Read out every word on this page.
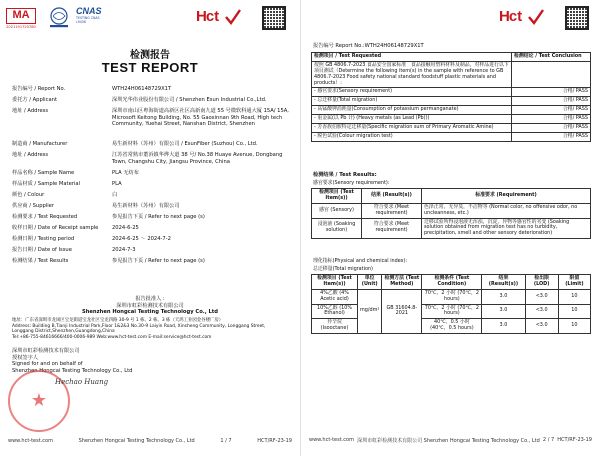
MA
2021191725780
CNAS
TESTING CNAS L9456	Hct
检测报告
TEST REPORT
报告编号 / Report No.	WTH24H06148729X1T
委托方 / Applicant	深圳光华伟业股份有限公司 / Shenzhen Esun Industrial Co.,Ltd.
地址 / Address	深圳市南山区粤海街道高新区社区高新南九道 55 号微软科通大厦 15A/ 15A, Microsoft Keitong Building, No. 55 Gaoxinnan 9th Road, High tech Community, Yuehai Street, Nanshan District, Shenzhen
制造商 / Manufacturer	易生新材料（苏州）有限公司 / EsunFiber (Suzhou) Co., Ltd.
地址 / Address	江苏省常熟市董浜镇华烨大道 38 号/ No.38 Huaye Avenue, Dongbang Town, Changshu City, Jiangsu Province, China
样品名称 / Sample Name	PLA 无纺布
样品材质 / Sample Material	PLA
颜色 / Colour	白
供应商 / Supplier	易生新材料（苏州）有限公司
检测要求 / Test Requested	参见报告下页 / Refer to next page (s)
收样日期 / Date of Receipt sample	2024-6-25
检测日期 / Testing period	2024-6-25 ～ 2024-7-2
报告日期 / Date of Issue	2024-7-3
检测结果 / Test Results	参见报告下页 / Refer to next page (s)
报告批准人 :
深圳市虹彩检测技术有限公司
Shenzhen Hongcai Testing Technology Co., Ltd
地址：广东省深圳市龙岗区宝龙街道宝龙社区宝龙四路 30-9 号 1 栋、2 栋、3 栋（天鸿工业园金谷楼厂房）
Address: Building B,Tianji Industrial Park,Floor 1&2&3 No.30-9 Laiyin Road, Xinsheng Community, Longgang Street, Longgang District,Shenzhen,Guangdong,China
Tel:+86-755-84616666/400-0006-989 Web:www.hct-test.com E-mail:service@hct-test.com
深圳市虹彩检测技术有限公司
授权签字人
Signed for and on behalf of
Shenzhen Hongcai Testing Technology Co., Ltd
★
Hechao Huang
www.hct-test.com	Shenzhen Hongcai Testing Technology Co., Ltd	1 / 7	HCT/RF-23-19
Hct
报告编号 Report No.:WTH24H06148729X1T
检测项目 / Test Requested	检测结论 / Test Conclusion
按照 GB 4806.7-2023 食品安全国家标准　食品接触用塑料材料及制品，对样品进行以下项目测试（Determine the following item(s) in the sample with reference to GB 4806.7-2023 Food safety national standard foodstuff plastic materials and products）:	
- 感官要求(Sensory requirement)	合格/ PASS
- 总迁移量(Total migration)	合格/ PASS
- 高锰酸钾消耗量(Consumption of potassium permanganate)	合格/ PASS
- 重金属(以 Pb 计) (Heavy metals (as Lead (Pb)))	合格/ PASS
- 芳香族伯胺特定迁移量(Specific migration sum of Primary Aromatic Amine)	合格/ PASS
- 脱色试验(Colour migration test)	合格/ PASS
检测结果 / Test Results:
感官要求(Sensory requirement):
检测项目 (Test Item(s))	结果 (Result(s))	标准要求 (Requirement)
感官 (Sensory)	符合要求 (Meet requirement)	色泽正常，无异臭，不洁物等 (Normal color, no offensive odor, no uncleanness, etc.)
浸泡液 (Soaking solution)	符合要求 (Meet requirement)	迁移试验所得浸泡液无浑浊，沉淀，异物等感官性的劣变 (Soaking solution obtained from migration test has no turbidity, precipitation, smell and other sensory deterioration)
理化指标(Physical and chemical index):
总迁移量(Total migration)
检测项目 (Test Item(s))	单位 (Unit)	检测方法 (Test Method)	检测条件 (Test Condition)	结果 (Result(s))	检出限 (LOD)	限值 (Limit)
4%乙酸 (4% Acetic acid)	mg/dm²	GB 31604.8-2021	70℃，2 小时 (70℃，2 hours)	3.0	<3.0	10
10%乙醇 (10% Ethanol)			70℃，2 小时 (70℃，2 hours)	3.0	<3.0	10
异辛烷 (Isooctane)			40℃，0.5 小时 (40℃，0.5 hours)	3.0	<3.0	10
www.hct-test.com 深圳市虹彩检测技术有限公司 Shenzhen Hongcai Testing Technology Co., Ltd 2 / 7 HCT/RF-23-19
